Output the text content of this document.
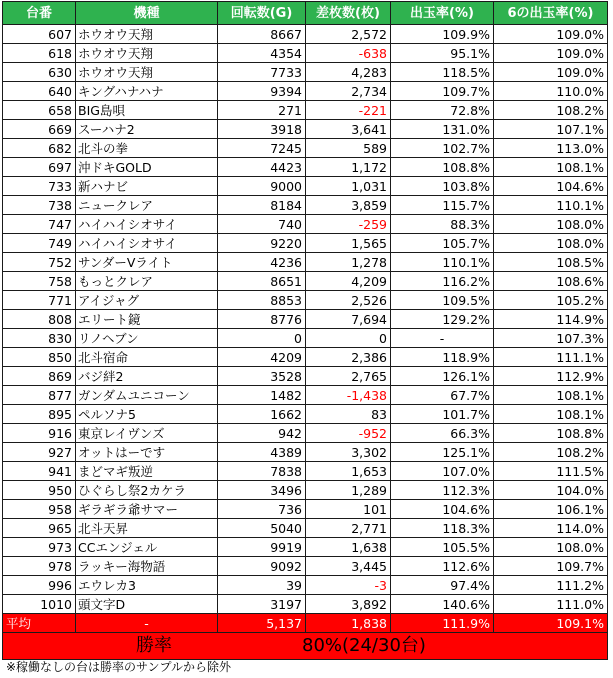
台番	機種	回転数(G)	差枚数(枚)	出玉率(%)	6の出玉率(%)
607	ホウオウ天翔	8667	2,572	109.9%	109.0%
618	ホウオウ天翔	4354	-638	95.1%	109.0%
630	ホウオウ天翔	7733	4,283	118.5%	109.0%
640	キングハナハナ	9394	2,734	109.7%	110.0%
658	BIG島唄	271	-221	72.8%	108.2%
669	スーハナ2	3918	3,641	131.0%	107.1%
682	北斗の拳	7245	589	102.7%	113.0%
697	沖ドキGOLD	4423	1,172	108.8%	108.1%
733	新ハナビ	9000	1,031	103.8%	104.6%
738	ニュークレア	8184	3,859	115.7%	110.1%
747	ハイハイシオサイ	740	-259	88.3%	108.0%
749	ハイハイシオサイ	9220	1,565	105.7%	108.0%
752	サンダーVライト	4236	1,278	110.1%	108.5%
758	もっとクレア	8651	4,209	116.2%	108.6%
771	アイジャグ	8853	2,526	109.5%	105.2%
808	エリート鏡	8776	7,694	129.2%	114.9%
830	リノヘブン	0	0	-	107.3%
850	北斗宿命	4209	2,386	118.9%	111.1%
869	バジ絆2	3528	2,765	126.1%	112.9%
877	ガンダムユニコーン	1482	-1,438	67.7%	108.1%
895	ペルソナ5	1662	83	101.7%	108.1%
916	東京レイヴンズ	942	-952	66.3%	108.8%
927	オットはーです	4389	3,302	125.1%	108.2%
941	まどマギ叛逆	7838	1,653	107.0%	111.5%
950	ひぐらし祭2カケラ	3496	1,289	112.3%	104.0%
958	ギラギラ爺サマー	736	101	104.6%	106.1%
965	北斗天昇	5040	2,771	118.3%	114.0%
973	CCエンジェル	9919	1,638	105.5%	108.0%
978	ラッキー海物語	9092	3,445	112.6%	109.7%
996	エウレカ3	39	-3	97.4%	111.2%
1010	頭文字D	3197	3,892	140.6%	111.0%
平均	-	5,137	1,838	111.9%	109.1%
勝率 80%(24/30台)					
※稼働なしの台は勝率のサンプルから除外
